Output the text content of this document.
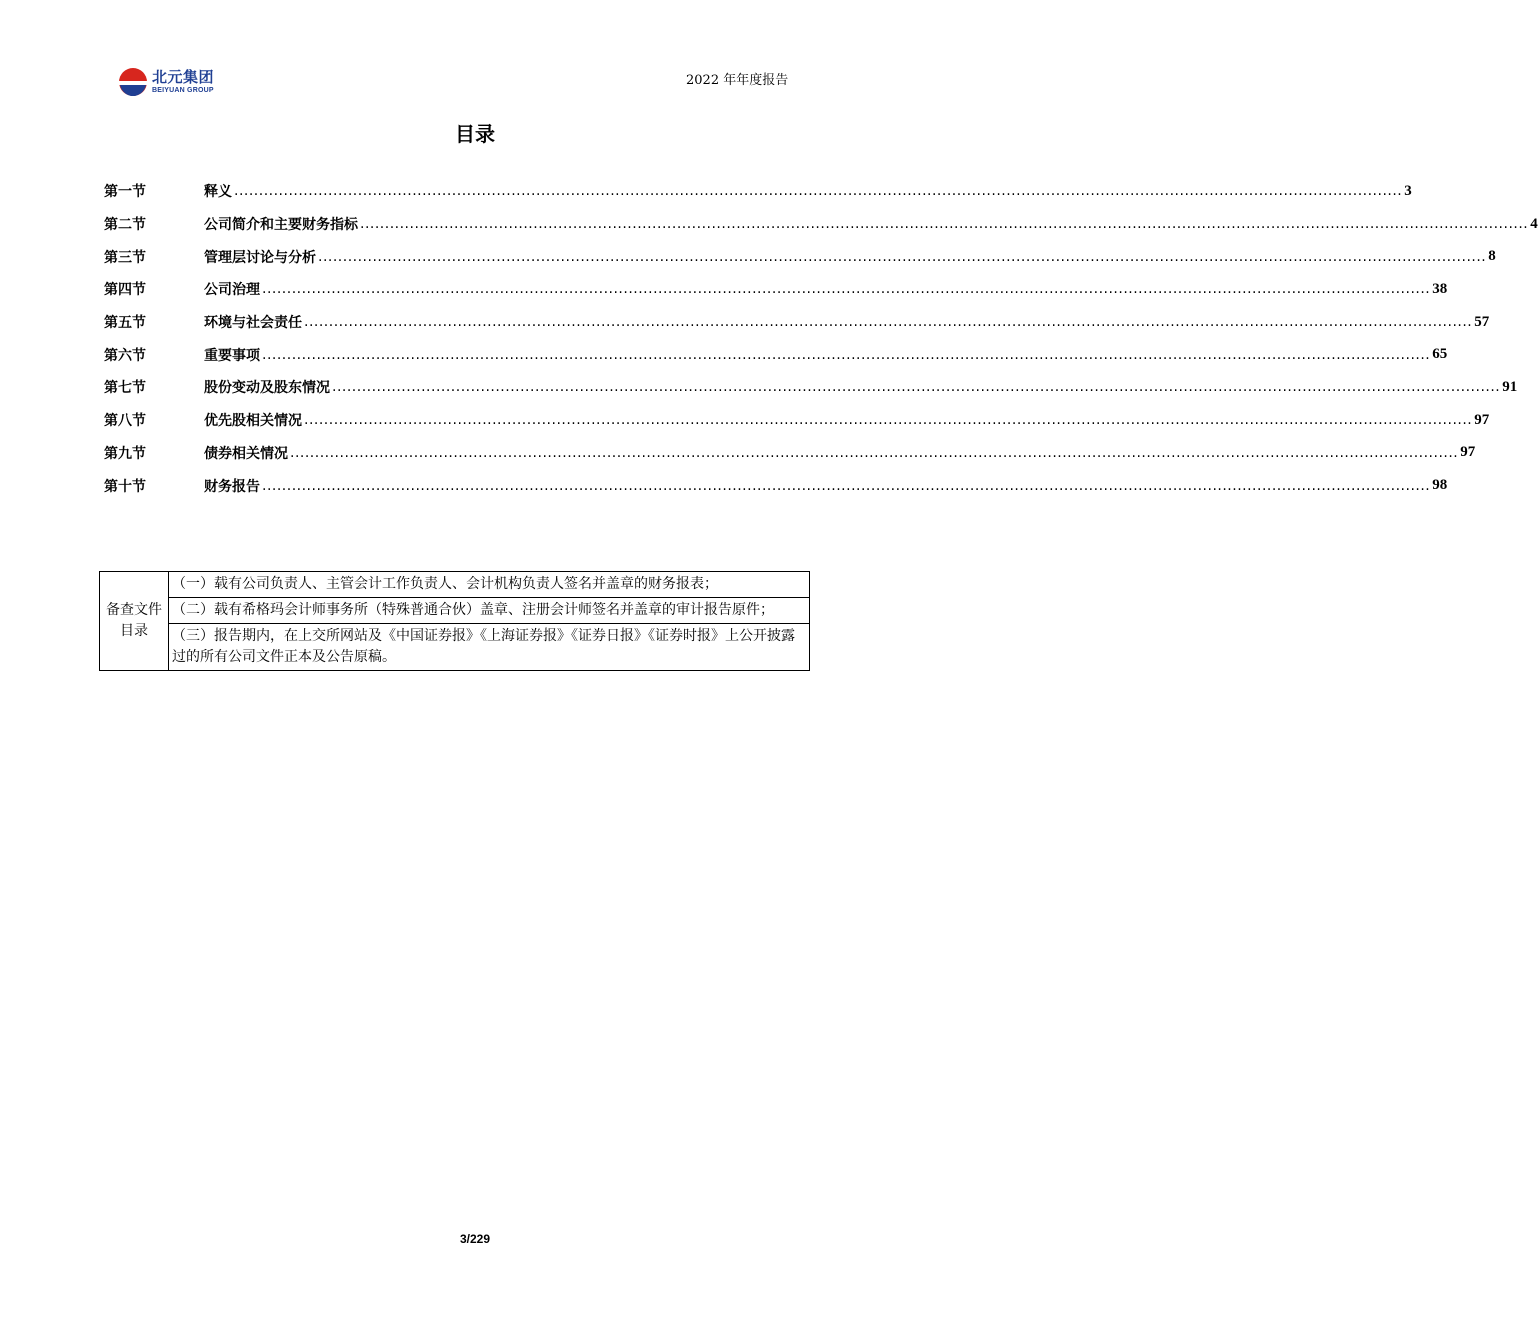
北元集团
BEIYUAN GROUP
2022 年年度报告
目录
第一节	释义 ............................................................................................................................................................................................................................................ 3
第二节	公司简介和主要财务指标 ............................................................................................................................................................................................................................................ 4
第三节	管理层讨论与分析 ............................................................................................................................................................................................................................................ 8
第四节	公司治理 ............................................................................................................................................................................................................................................ 38
第五节	环境与社会责任 ............................................................................................................................................................................................................................................ 57
第六节	重要事项 ............................................................................................................................................................................................................................................ 65
第七节	股份变动及股东情况 ............................................................................................................................................................................................................................................ 91
第八节	优先股相关情况 ............................................................................................................................................................................................................................................ 97
第九节	债券相关情况 ............................................................................................................................................................................................................................................ 97
第十节	财务报告 ............................................................................................................................................................................................................................................ 98
备查文件目录	（一）载有公司负责人、主管会计工作负责人、会计机构负责人签名并盖章的财务报表；
（二）载有希格玛会计师事务所（特殊普通合伙）盖章、注册会计师签名并盖章的审计报告原件；
（三）报告期内，在上交所网站及《中国证券报》《上海证券报》《证券日报》《证券时报》上公开披露过的所有公司文件正本及公告原稿。
3/229
